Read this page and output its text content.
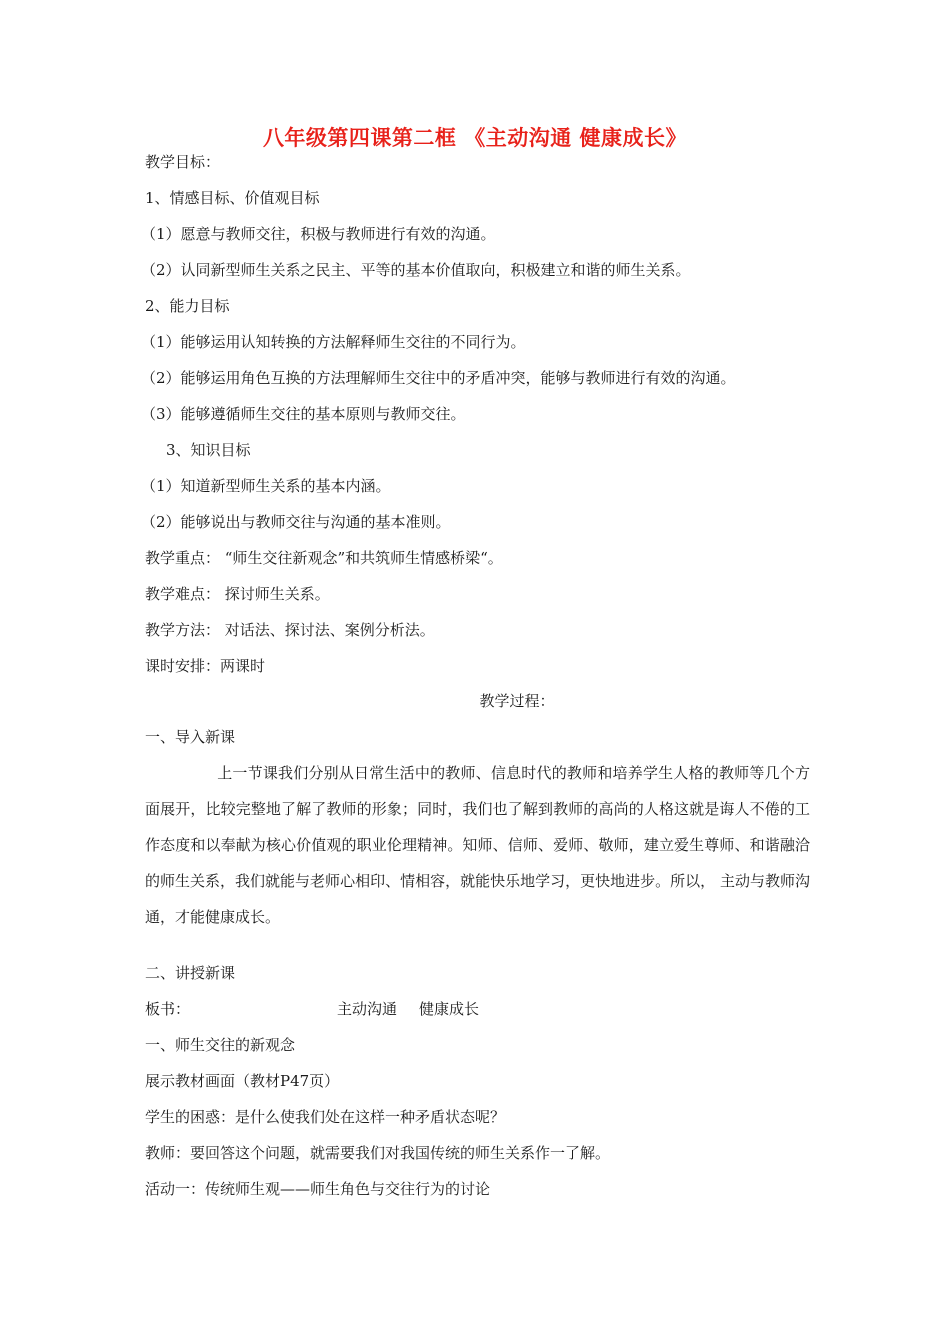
八年级第四课第二框 《主动沟通 健康成长》
教学目标：
1、情感目标、价值观目标
（1）愿意与教师交往，积极与教师进行有效的沟通。
（2）认同新型师生关系之民主、平等的基本价值取向，积极建立和谐的师生关系。
2、能力目标
（1）能够运用认知转换的方法解释师生交往的不同行为。
（2）能够运用角色互换的方法理解师生交往中的矛盾冲突，能够与教师进行有效的沟通。
（3）能够遵循师生交往的基本原则与教师交往。
3、知识目标
（1）知道新型师生关系的基本内涵。
（2）能够说出与教师交往与沟通的基本准则。
教学重点： “师生交往新观念”和共筑师生情感桥梁“。
教学难点： 探讨师生关系。
教学方法： 对话法、探讨法、案例分析法。
课时安排：两课时
教学过程：
一、导入新课
上一节课我们分别从日常生活中的教师、信息时代的教师和培养学生人格的教师等几个方面展开，比较完整地了解了教师的形象；同时，我们也了解到教师的高尚的人格这就是诲人不倦的工作态度和以奉献为核心价值观的职业伦理精神。知师、信师、爱师、敬师，建立爱生尊师、和谐融洽的师生关系，我们就能与老师心相印、情相容，就能快乐地学习，更快地进步。所以， 主动与教师沟通，才能健康成长。
二、讲授新课
板书：	主动沟通 健康成长
一、师生交往的新观念
展示教材画面（教材P47页）
学生的困惑：是什么使我们处在这样一种矛盾状态呢？
教师：要回答这个问题，就需要我们对我国传统的师生关系作一了解。
活动一：传统师生观——师生角色与交往行为的讨论
